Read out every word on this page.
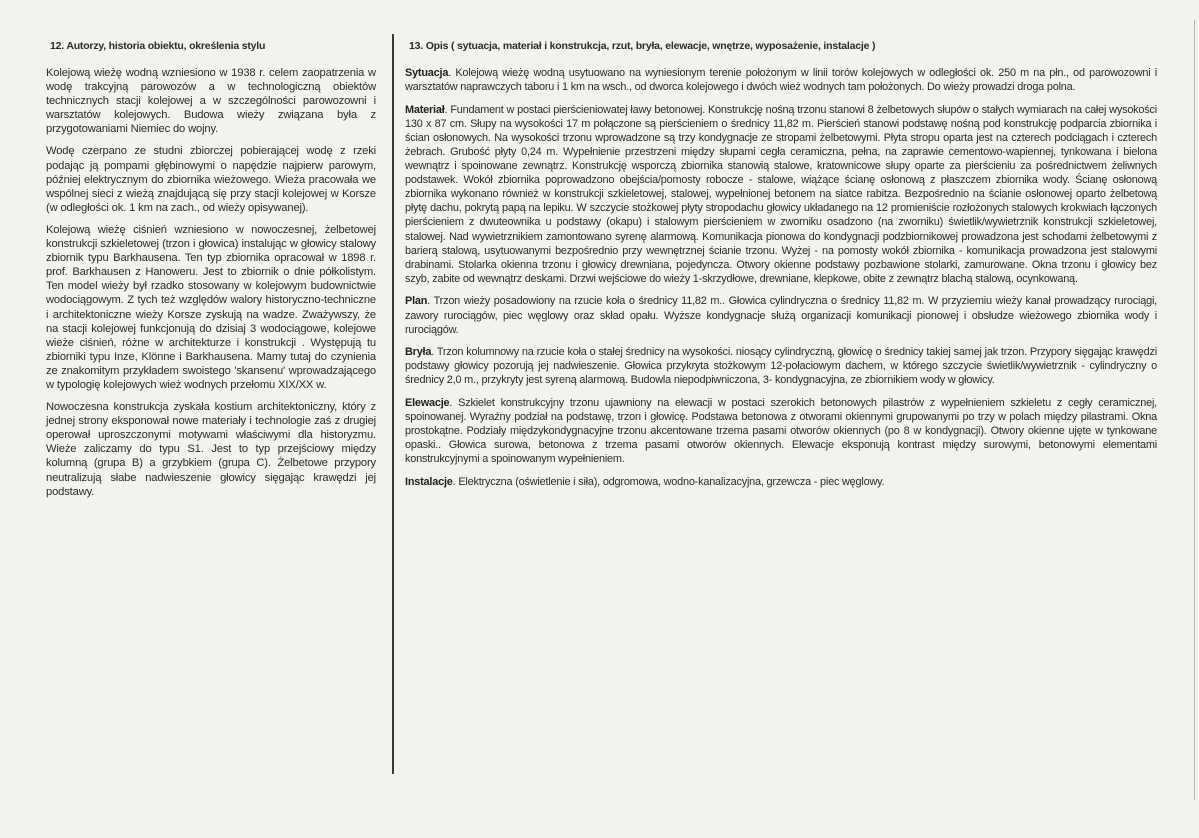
12. Autorzy, historia obiektu, określenia stylu

Kolejową wieżę wodną wzniesiono w 1938 r. celem zaopatrzenia w wodę trakcyjną parowozów a w technologiczną obiektów technicznych stacji kolejowej a w szczególności parowozowni i warsztatów kolejowych. Budowa wieży związana była z przygotowaniami Niemiec do wojny.

Wodę czerpano ze studni zbiorczej pobierającej wodę z rzeki podając ją pompami głębinowymi o napędzie najpierw parowym, później elektrycznym do zbiornika wieżowego. Wieża pracowała we wspólnej sieci z wieżą znajdującą się przy stacji kolejowej w Korsze (w odległości ok. 1 km na zach., od wieży opisywanej).

Kolejową wieżę ciśnień wzniesiono w nowoczesnej, żelbetowej konstrukcji szkieletowej (trzon i głowica) instalując w głowicy stalowy zbiornik typu Barkhausena. Ten typ zbiornika opracował w 1898 r. prof. Barkhausen z Hanoweru. Jest to zbiornik o dnie półkolistym. Ten model wieży był rzadko stosowany w kolejowym budownictwie wodociągowym. Z tych też względów walory historyczno-techniczne i architektoniczne wieży Korsze zyskują na wadze. Zważywszy, że na stacji kolejowej funkcjonują do dzisiaj 3 wodociągowe, kolejowe wieże ciśnień, różne w architekturze i konstrukcji . Występują tu zbiorniki typu Inze, Klönne i Barkhausena. Mamy tutaj do czynienia ze znakomitym przykładem swoistego 'skansenu' wprowadzającego w typologię kolejowych wież wodnych przełomu XIX/XX w.

Nowoczesna konstrukcja zyskała kostium architektoniczny, który z jednej strony eksponował nowe materiały i technologie zaś z drugiej operował uproszczonymi motywami właściwymi dla historyzmu. Wieże zaliczamy do typu S1. Jest to typ przejściowy między kolumną (grupa B) a grzybkiem (grupa C). Żelbetowe przypory neutralizują słabe nadwieszenie głowicy sięgając krawędzi jej podstawy.

13. Opis ( sytuacja, materiał i konstrukcja, rzut, bryła, elewacje, wnętrze, wyposażenie, instalacje )

Sytuacja. Kolejową wieżę wodną usytuowano na wyniesionym terenie położonym w linii torów kolejowych w odległości ok. 250 m na płn., od parowozowni i warsztatów naprawczych taboru i 1 km na wsch., od dworca kolejowego i dwóch wież wodnych tam położonych. Do wieży prowadzi droga polna.

Materiał. Fundament w postaci pierścieniowatej ławy betonowej. Konstrukcję nośną trzonu stanowi 8 żelbetowych słupów o stałych wymiarach na całej wysokości 130 x 87 cm. Słupy na wysokości 17 m połączone są pierścieniem o średnicy 11,82 m. Pierścień stanowi podstawę nośną pod konstrukcję podparcia zbiornika i ścian osłonowych. Na wysokości trzonu wprowadzone są trzy kondygnacje ze stropami żelbetowymi. Płyta stropu oparta jest na czterech podciągach i czterech żebrach. Grubość płyty 0,24 m. Wypełnienie przestrzeni między słupami cegła ceramiczna, pełna, na zaprawie cementowo-wapiennej, tynkowana i bielona wewnątrz i spoinowane zewnątrz. Konstrukcję wsporczą zbiornika stanowią stalowe, kratownicowe słupy oparte za pierścieniu za pośrednictwem żeliwnych podstawek. Wokół zbiornika poprowadzono obejścia/pomosty robocze - stalowe, wiążące ścianę osłonową z płaszczem zbiornika wody. Ścianę osłonową zbiornika wykonano również w konstrukcji szkieletowej, stalowej, wypełnionej betonem na siatce rabitza. Bezpośrednio na ścianie osłonowej oparto żelbetową płytę dachu, pokrytą papą na lepiku. W szczycie stożkowej płyty stropodachu głowicy układanego na 12 promieniście rozłożonych stalowych krokwiach łączonych pierścieniem z dwuteownika u podstawy (okapu) i stalowym pierścieniem w zworniku osadzono (na zworniku) świetlik/wywietrznik konstrukcji szkieletowej, stalowej. Nad wywietrznikiem zamontowano syrenę alarmową. Komunikacja pionowa do kondygnacji podzbiornikowej prowadzona jest schodami żelbetowymi z barierą stalową, usytuowanymi bezpośrednio przy wewnętrznej ścianie trzonu. Wyżej - na pomosty wokół zbiornika - komunikacja prowadzona jest stalowymi drabinami. Stolarka okienna trzonu i głowicy drewniana, pojedyncza. Otwory okienne podstawy pozbawione stolarki, zamurowane. Okna trzonu i głowicy bez szyb, zabite od wewnątrz deskami. Drzwi wejściowe do wieży 1-skrzydłowe, drewniane, klepkowe, obite z zewnątrz blachą stalową, ocynkowaną.

Plan. Trzon wieży posadowiony na rzucie koła o średnicy 11,82 m.. Głowica cylindryczna o średnicy 11,82 m. W przyziemiu wieży kanał prowadzący rurociągi, zawory rurociągów, piec węglowy oraz skład opału. Wyższe kondygnacje służą organizacji komunikacji pionowej i obsłudze wieżowego zbiornika wody i rurociągów.

Bryła. Trzon kolumnowy na rzucie koła o stałej średnicy na wysokości. niosący cylindryczną, głowicę o średnicy takiej samej jak trzon. Przypory sięgając krawędzi podstawy głowicy pozorują jej nadwieszenie. Głowica przykryta stożkowym 12-połaciowym dachem, w którego szczycie świetlik/wywietrznik - cylindryczny o średnicy 2,0 m., przykryty jest syreną alarmową. Budowla niepodpiwniczona, 3- kondygnacyjna, ze zbiornikiem wody w głowicy.

Elewacje. Szkielet konstrukcyjny trzonu ujawniony na elewacji w postaci szerokich betonowych pilastrów z wypełnieniem szkieletu z cegły ceramicznej, spoinowanej. Wyraźny podział na podstawę, trzon i głowicę. Podstawa betonowa z otworami okiennymi grupowanymi po trzy w polach między pilastrami. Okna prostokątne. Podziały międzykondygnacyjne trzonu akcentowane trzema pasami otworów okiennych (po 8 w kondygnacji). Otwory okienne ujęte w tynkowane opaski.. Głowica surowa, betonowa z trzema pasami otworów okiennych. Elewacje eksponują kontrast między surowymi, betonowymi elementami konstrukcyjnymi a spoinowanym wypełnieniem.

Instalacje. Elektryczna (oświetlenie i siła), odgromowa, wodno-kanalizacyjna, grzewcza - piec węglowy.
